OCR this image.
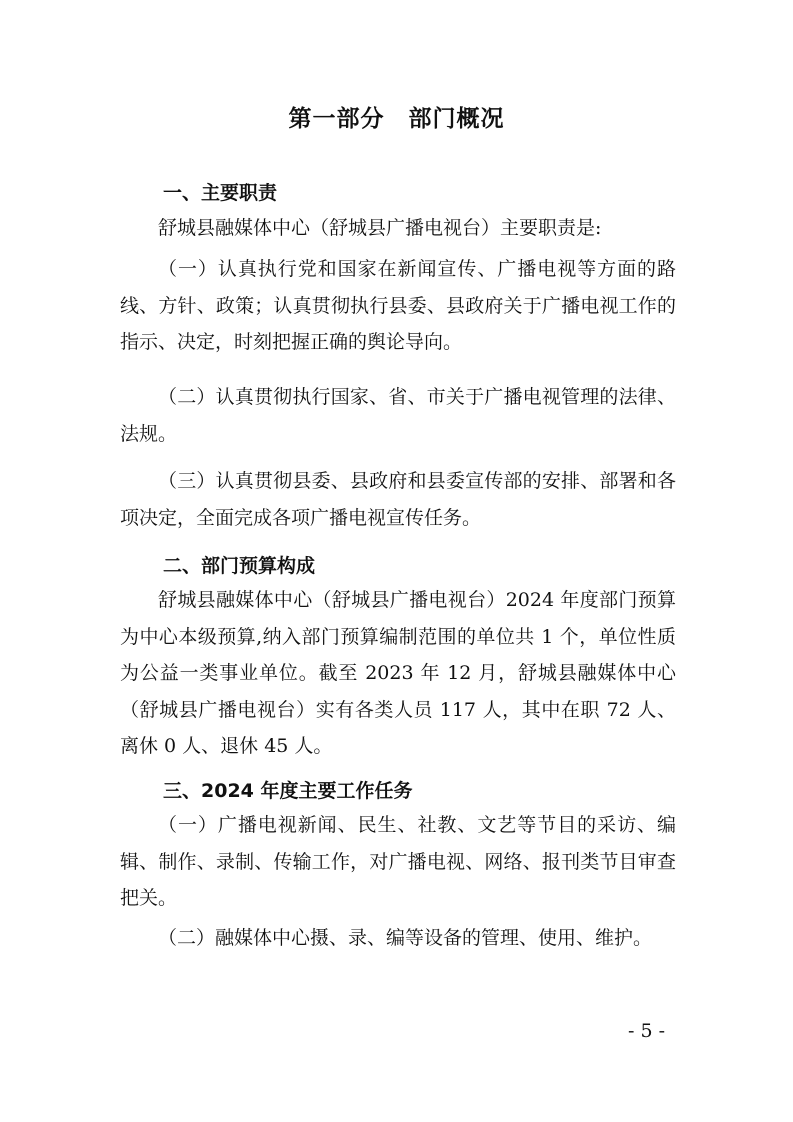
第一部分　部门概况
一、主要职责
舒城县融媒体中心（舒城县广播电视台）主要职责是:
（一）认真执行党和国家在新闻宣传、广播电视等方面的路线、方针、政策；认真贯彻执行县委、县政府关于广播电视工作的指示、决定，时刻把握正确的舆论导向。
（二）认真贯彻执行国家、省、市关于广播电视管理的法律、法规。
（三）认真贯彻县委、县政府和县委宣传部的安排、部署和各项决定，全面完成各项广播电视宣传任务。
二、部门预算构成
舒城县融媒体中心（舒城县广播电视台）2024 年度部门预算为中心本级预算,纳入部门预算编制范围的单位共 1 个，单位性质为公益一类事业单位。截至 2023 年 12 月，舒城县融媒体中心（舒城县广播电视台）实有各类人员 117 人，其中在职 72 人、离休 0 人、退休 45 人。
三、2024 年度主要工作任务
（一）广播电视新闻、民生、社教、文艺等节目的采访、编辑、制作、录制、传输工作，对广播电视、网络、报刊类节目审查把关。
（二）融媒体中心摄、录、编等设备的管理、使用、维护。
- 5 -
